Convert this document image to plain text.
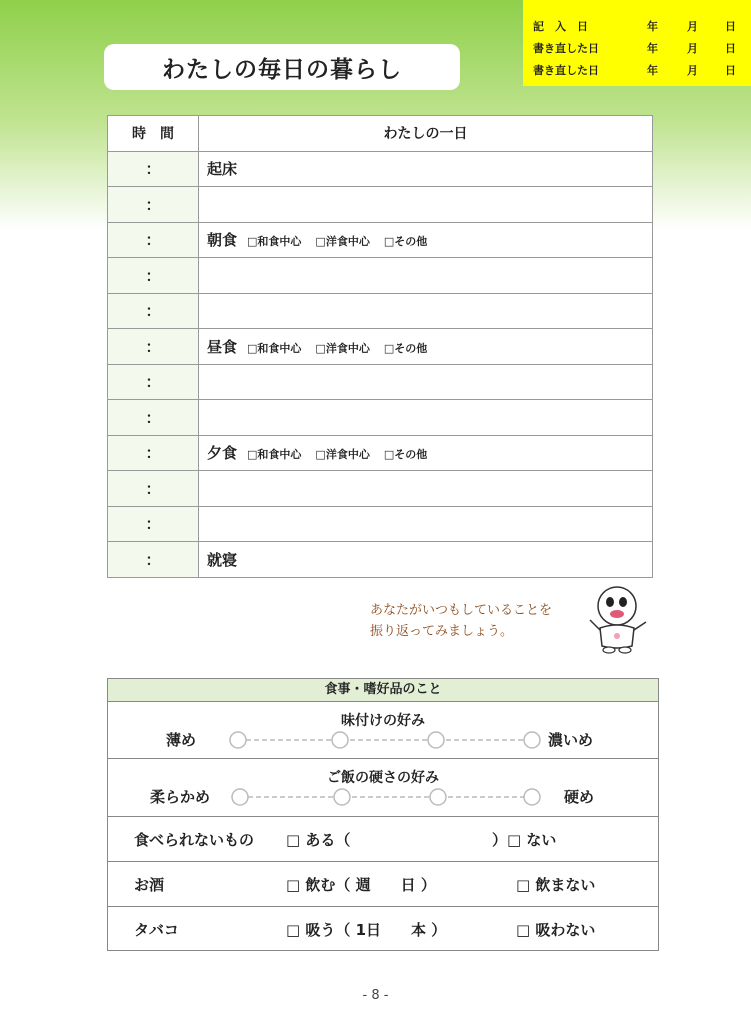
わたしの毎日の暮らし
記　入　日	年	月 日
書き直した日	年	月 日
書き直した日	年	月 日
時　間	わたしの一日
：	起床
：	
：	朝食 □和食中心 □洋食中心 □その他
：	
：	
：	昼食 □和食中心 □洋食中心 □その他
：	
：	
：	夕食 □和食中心 □洋食中心 □その他
：	
：	
：	就寝
あなたがいつもしていることを
振り返ってみましょう。
食事・嗜好品のこと
味付けの好み
薄め	濃いめ
ご飯の硬さの好み
柔らかめ	硬め
食べられないもの □ ある（	）□ ない
お酒	□ 飲む（ 週　　日 ）	□ 飲まない
タバコ	□ 吸う（ 1日　　本 ）	□ 吸わない
- 8 -
